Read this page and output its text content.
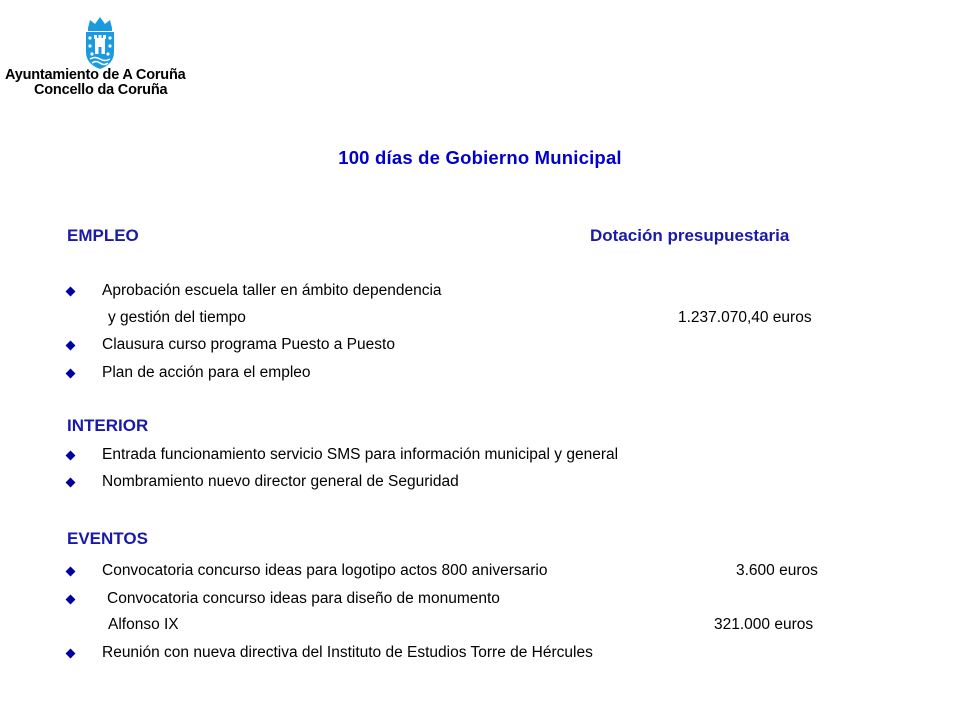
Ayuntamiento de A Coruña
Concello da Coruña
100 días de Gobierno Municipal
EMPLEO	Dotación presupuestaria
Aprobación escuela taller en ámbito dependencia
y gestión del tiempo	1.237.070,40 euros
Clausura curso programa Puesto a Puesto
Plan de acción para el empleo
INTERIOR
Entrada funcionamiento servicio SMS para información municipal y general
Nombramiento nuevo director general de Seguridad
EVENTOS
Convocatoria concurso ideas para logotipo actos 800 aniversario	3.600 euros
Convocatoria concurso ideas para diseño de monumento
Alfonso IX	321.000 euros
Reunión con nueva directiva del Instituto de Estudios Torre de Hércules
